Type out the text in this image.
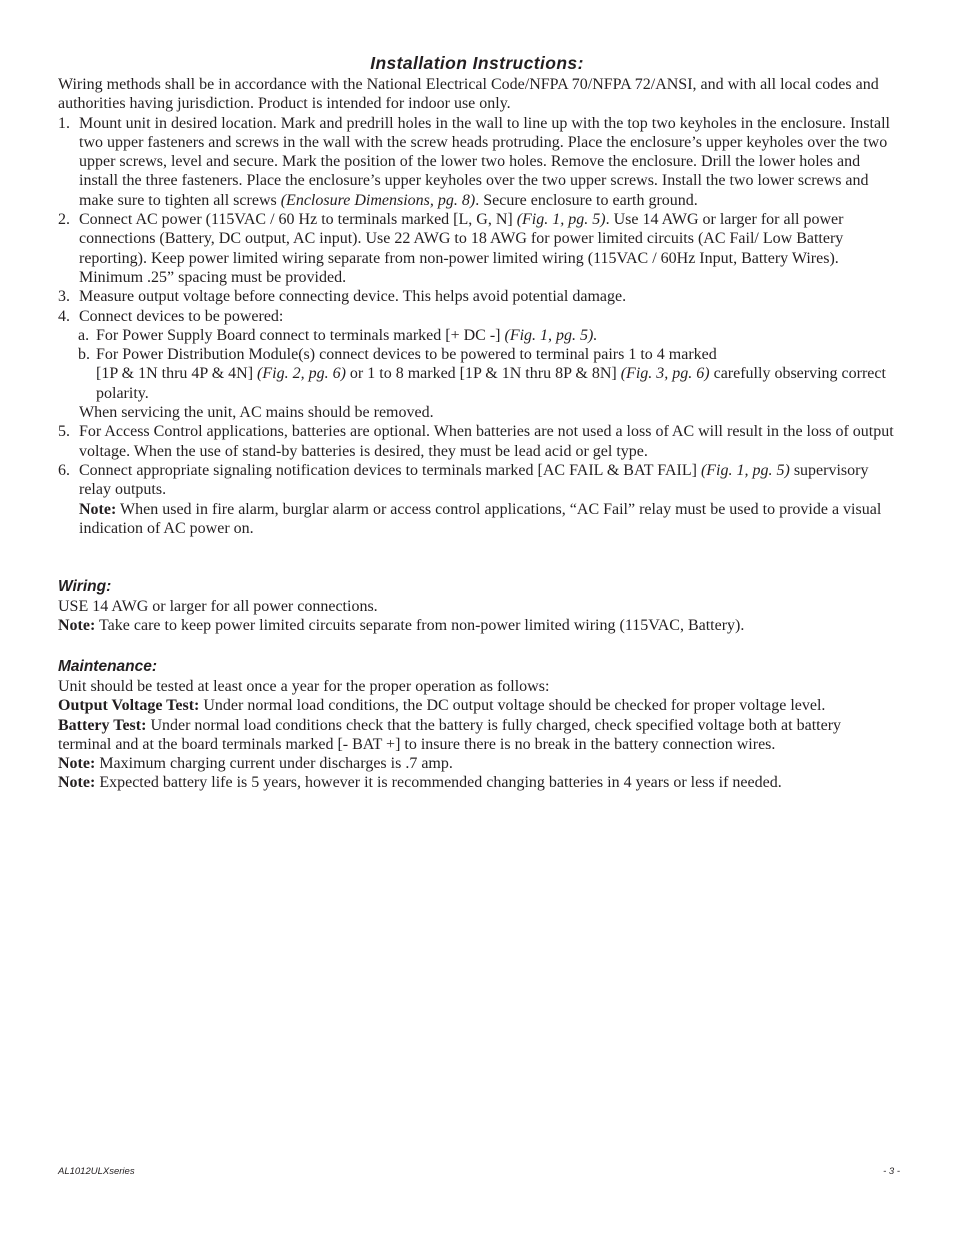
Installation Instructions:

Wiring methods shall be in accordance with the National Electrical Code/NFPA 70/NFPA 72/ANSI, and with all local codes and authorities having jurisdiction. Product is intended for indoor use only.

1. Mount unit in desired location. Mark and predrill holes in the wall to line up with the top two keyholes in the enclosure. Install two upper fasteners and screws in the wall with the screw heads protruding. Place the enclosure’s upper keyholes over the two upper screws, level and secure. Mark the position of the lower two holes. Remove the enclosure. Drill the lower holes and install the three fasteners. Place the enclosure’s upper keyholes over the two upper screws. Install the two lower screws and make sure to tighten all screws (Enclosure Dimensions, pg. 8). Secure enclosure to earth ground.
2. Connect AC power (115VAC / 60 Hz to terminals marked [L, G, N] (Fig. 1, pg. 5). Use 14 AWG or larger for all power connections (Battery, DC output, AC input). Use 22 AWG to 18 AWG for power limited circuits (AC Fail/ Low Battery reporting). Keep power limited wiring separate from non-power limited wiring (115VAC / 60Hz Input, Battery Wires). Minimum .25” spacing must be provided.
3. Measure output voltage before connecting device. This helps avoid potential damage.
4. Connect devices to be powered:
a. For Power Supply Board connect to terminals marked [+ DC -] (Fig. 1, pg. 5).
b. For Power Distribution Module(s) connect devices to be powered to terminal pairs 1 to 4 marked
[1P & 1N thru 4P & 4N] (Fig. 2, pg. 6) or 1 to 8 marked [1P & 1N thru 8P & 8N] (Fig. 3, pg. 6) carefully observing correct polarity.

When servicing the unit, AC mains should be removed.

5. For Access Control applications, batteries are optional. When batteries are not used a loss of AC will result in the loss of output voltage. When the use of stand-by batteries is desired, they must be lead acid or gel type.
6. Connect appropriate signaling notification devices to terminals marked [AC FAIL & BAT FAIL] (Fig. 1, pg. 5) supervisory relay outputs.

Note: When used in fire alarm, burglar alarm or access control applications, “AC Fail” relay must be used to provide a visual indication of AC power on.

Wiring:

USE 14 AWG or larger for all power connections.

Note: Take care to keep power limited circuits separate from non-power limited wiring (115VAC, Battery).

Maintenance:

Unit should be tested at least once a year for the proper operation as follows:

Output Voltage Test: Under normal load conditions, the DC output voltage should be checked for proper voltage level.

Battery Test: Under normal load conditions check that the battery is fully charged, check specified voltage both at battery terminal and at the board terminals marked [- BAT +] to insure there is no break in the battery connection wires.

Note: Maximum charging current under discharges is .7 amp.

Note: Expected battery life is 5 years, however it is recommended changing batteries in 4 years or less if needed.

AL1012ULXseries	- 3 -
